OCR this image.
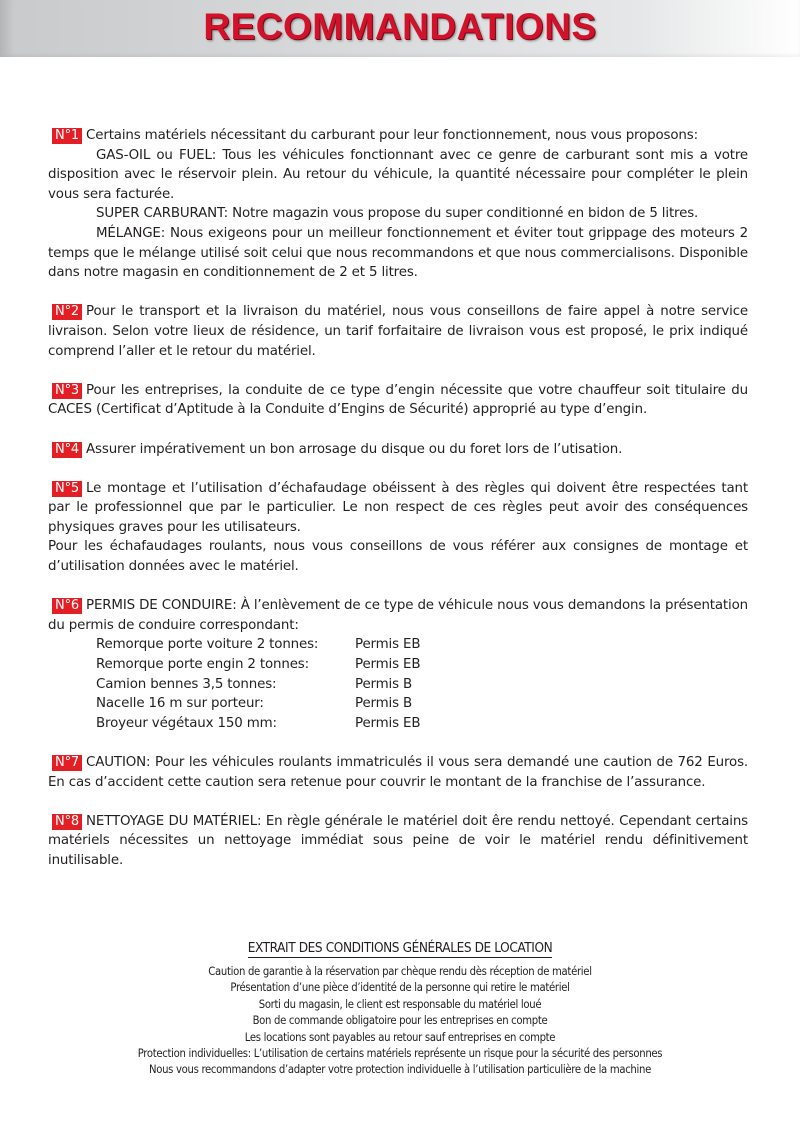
RECOMMANDATIONS

N°1 Certains matériels nécessitant du carburant pour leur fonctionnement, nous vous proposons:

GAS-OIL ou FUEL: Tous les véhicules fonctionnant avec ce genre de carburant sont mis a votre disposition avec le réservoir plein. Au retour du véhicule, la quantité nécessaire pour compléter le plein vous sera facturée.

SUPER CARBURANT: Notre magazin vous propose du super conditionné en bidon de 5 litres.

MÉLANGE: Nous exigeons pour un meilleur fonctionnement et éviter tout grippage des moteurs 2 temps que le mélange utilisé soit celui que nous recommandons et que nous commercialisons. Disponible dans notre magasin en conditionnement de 2 et 5 litres.

N°2 Pour le transport et la livraison du matériel, nous vous conseillons de faire appel à notre service livraison. Selon votre lieux de résidence, un tarif forfaitaire de livraison vous est proposé, le prix indiqué comprend l’aller et le retour du matériel.

N°3 Pour les entreprises, la conduite de ce type d’engin nécessite que votre chauffeur soit titulaire du CACES (Certificat d’Aptitude à la Conduite d’Engins de Sécurité) approprié au type d’engin.

N°4 Assurer impérativement un bon arrosage du disque ou du foret lors de l’utisation.

N°5 Le montage et l’utilisation d’échafaudage obéissent à des règles qui doivent être respectées tant par le professionnel que par le particulier. Le non respect de ces règles peut avoir des conséquences physiques graves pour les utilisateurs.

Pour les échafaudages roulants, nous vous conseillons de vous référer aux consignes de montage et d’utilisation données avec le matériel.

N°6 PERMIS DE CONDUIRE: À l’enlèvement de ce type de véhicule nous vous demandons la présentation du permis de conduire correspondant:

Remorque porte voiture 2 tonnes:	Permis EB
Remorque porte engin 2 tonnes:	Permis EB
Camion bennes 3,5 tonnes:	Permis B
Nacelle 16 m sur porteur:	Permis B
Broyeur végétaux 150 mm:	Permis EB

N°7 CAUTION: Pour les véhicules roulants immatriculés il vous sera demandé une caution de 762 Euros. En cas d’accident cette caution sera retenue pour couvrir le montant de la franchise de l’assurance.

N°8 NETTOYAGE DU MATÉRIEL: En règle générale le matériel doit êre rendu nettoyé. Cependant certains matériels nécessites un nettoyage immédiat sous peine de voir le matériel rendu définitivement inutilisable.

EXTRAIT DES CONDITIONS GÉNÉRALES DE LOCATION
Caution de garantie à la réservation par chèque rendu dès réception de matériel
Présentation d’une pièce d’identité de la personne qui retire le matériel
Sorti du magasin, le client est responsable du matériel loué
Bon de commande obligatoire pour les entreprises en compte
Les locations sont payables au retour sauf entreprises en compte
Protection individuelles: L’utilisation de certains matériels représente un risque pour la sécurité des personnes
Nous vous recommandons d’adapter votre protection individuelle à l’utilisation particulière de la machine
